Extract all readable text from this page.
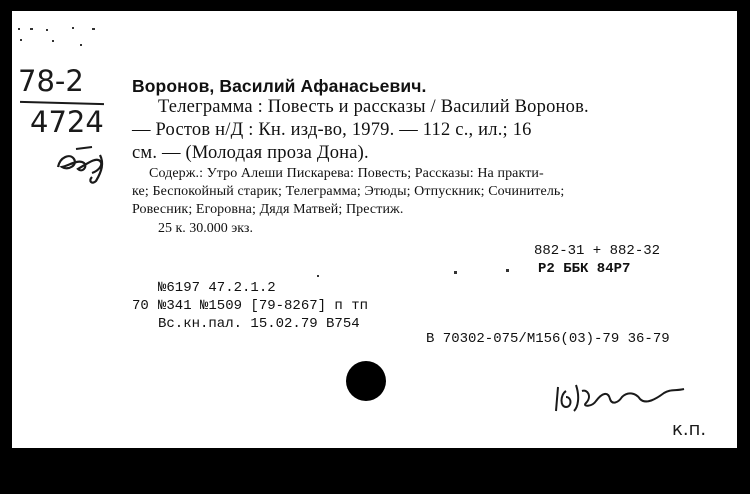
78-2
4724
Воронов, Василий Афанасьевич.
Телеграмма : Повесть и рассказы / Василий Воронов.
— Ростов н/Д : Кн. изд-во, 1979. — 112 с., ил.; 16
см. — (Молодая проза Дона).
Содерж.: Утро Алеши Пискарева: Повесть; Рассказы: На практи-
ке; Беспокойный старик; Телеграмма; Этюды; Отпускник; Сочинитель;
Ровесник; Егоровна; Дядя Матвей; Престиж.
25 к. 30.000 экз.
882-31 + 882-32
Р2 ББК 84Р7
№6197 47.2.1.2
70 №341 №1509 [79-8267] п тп
Вс.кн.пал. 15.02.79 В754
В 70302-075/М156(03)-79 36-79
к.п.
